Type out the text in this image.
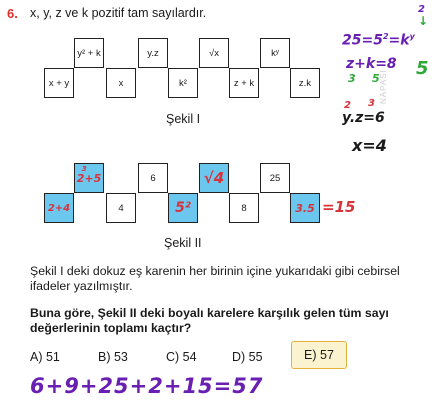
6. x, y, z ve k pozitif tam sayılardır.
y² + k	y.z	√x	kʸ
x + y	x	k²	z + k	z.k
Şekil I
2+5
3
6	√4	25
2+4	4	5²	8	3.5 =15
Şekil II
2
↓
$25=5^2=k^y$
z+k=8
3 5 5
2 3
y.z=6
x=4
NAPASI
Şekil I deki dokuz eş karenin her birinin içine yukarıdaki gibi cebirsel ifadeler yazılmıştır.
Buna göre, Şekil II deki boyalı karelere karşılık gelen tüm sayı değerlerinin toplamı kaçtır?
A) 51	B) 53	C) 54	D) 55	E) 57
6+9+25+2+15=57
